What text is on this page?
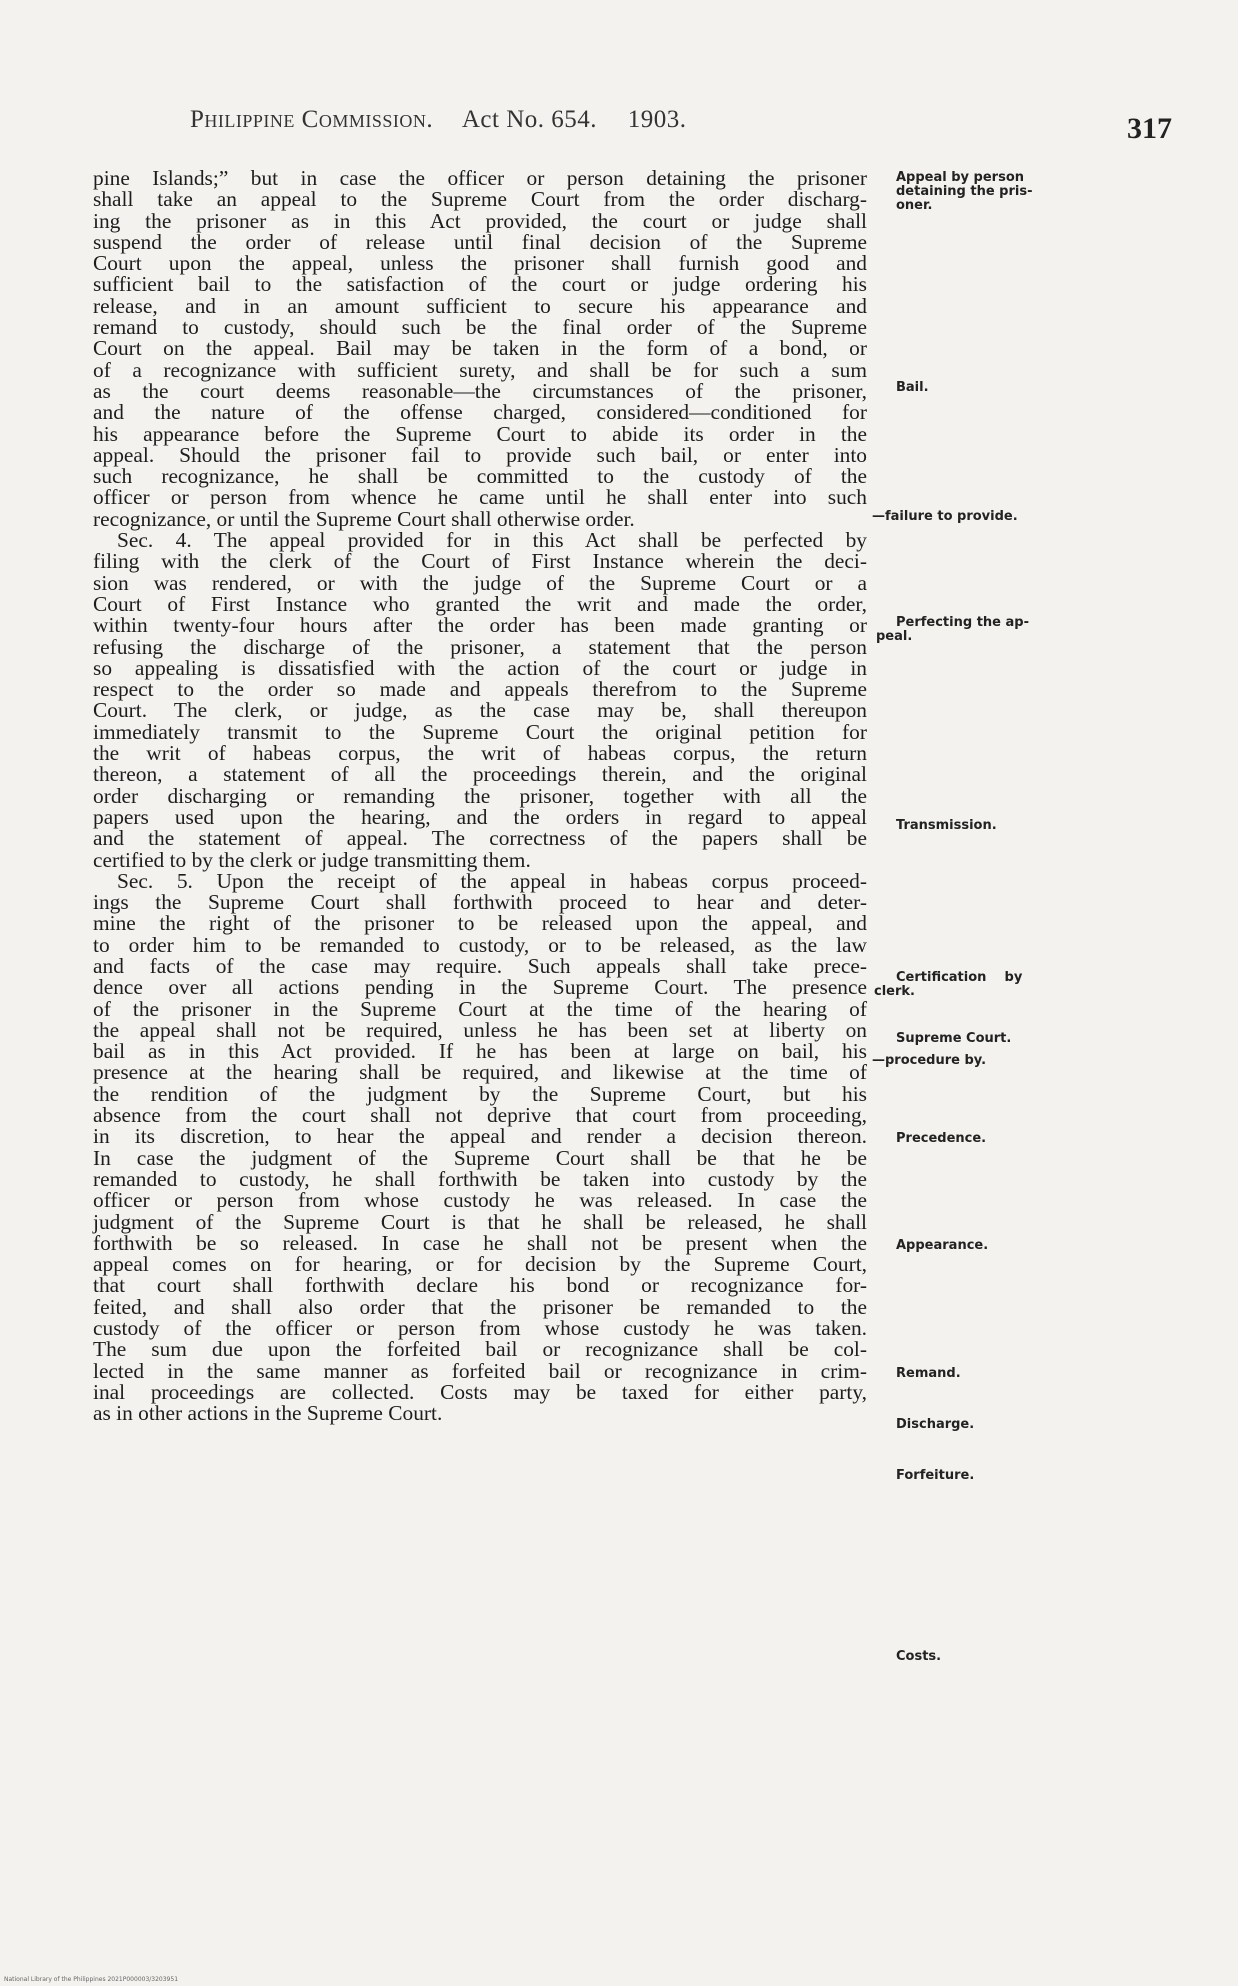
Philippine Commission. Act No. 654. 1903.	317
pine Islands;” but in case the officer or person detaining the prisoner
shall take an appeal to the Supreme Court from the order discharg-
ing the prisoner as in this Act provided, the court or judge shall
suspend the order of release until final decision of the Supreme
Court upon the appeal, unless the prisoner shall furnish good and
sufficient bail to the satisfaction of the court or judge ordering his
release, and in an amount sufficient to secure his appearance and
remand to custody, should such be the final order of the Supreme
Court on the appeal. Bail may be taken in the form of a bond, or
of a recognizance with sufficient surety, and shall be for such a sum
as the court deems reasonable—the circumstances of the prisoner,
and the nature of the offense charged, considered—conditioned for
his appearance before the Supreme Court to abide its order in the
appeal. Should the prisoner fail to provide such bail, or enter into
such recognizance, he shall be committed to the custody of the
officer or person from whence he came until he shall enter into such
recognizance, or until the Supreme Court shall otherwise order.
Sec. 4. The appeal provided for in this Act shall be perfected by
filing with the clerk of the Court of First Instance wherein the deci-
sion was rendered, or with the judge of the Supreme Court or a
Court of First Instance who granted the writ and made the order,
within twenty-four hours after the order has been made granting or
refusing the discharge of the prisoner, a statement that the person
so appealing is dissatisfied with the action of the court or judge in
respect to the order so made and appeals therefrom to the Supreme
Court. The clerk, or judge, as the case may be, shall thereupon
immediately transmit to the Supreme Court the original petition for
the writ of habeas corpus, the writ of habeas corpus, the return
thereon, a statement of all the proceedings therein, and the original
order discharging or remanding the prisoner, together with all the
papers used upon the hearing, and the orders in regard to appeal
and the statement of appeal. The correctness of the papers shall be
certified to by the clerk or judge transmitting them.
Sec. 5. Upon the receipt of the appeal in habeas corpus proceed-
ings the Supreme Court shall forthwith proceed to hear and deter-
mine the right of the prisoner to be released upon the appeal, and
to order him to be remanded to custody, or to be released, as the law
and facts of the case may require. Such appeals shall take prece-
dence over all actions pending in the Supreme Court. The presence
of the prisoner in the Supreme Court at the time of the hearing of
the appeal shall not be required, unless he has been set at liberty on
bail as in this Act provided. If he has been at large on bail, his
presence at the hearing shall be required, and likewise at the time of
the rendition of the judgment by the Supreme Court, but his
absence from the court shall not deprive that court from proceeding,
in its discretion, to hear the appeal and render a decision thereon.
In case the judgment of the Supreme Court shall be that he be
remanded to custody, he shall forthwith be taken into custody by the
officer or person from whose custody he was released. In case the
judgment of the Supreme Court is that he shall be released, he shall
forthwith be so released. In case he shall not be present when the
appeal comes on for hearing, or for decision by the Supreme Court,
that court shall forthwith declare his bond or recognizance for-
feited, and shall also order that the prisoner be remanded to the
custody of the officer or person from whose custody he was taken.
The sum due upon the forfeited bail or recognizance shall be col-
lected in the same manner as forfeited bail or recognizance in crim-
inal proceedings are collected. Costs may be taxed for either party,
as in other actions in the Supreme Court.
Appeal by person
detaining the pris-
oner.
Bail.
—failure to provide.
Perfecting the ap-
peal.
Transmission.
Certification    by
clerk.
Supreme Court.
—procedure by.
Precedence.
Appearance.
Remand.
Discharge.
Forfeiture.
Costs.
National Library of the Philippines 2021P000003/3203951
